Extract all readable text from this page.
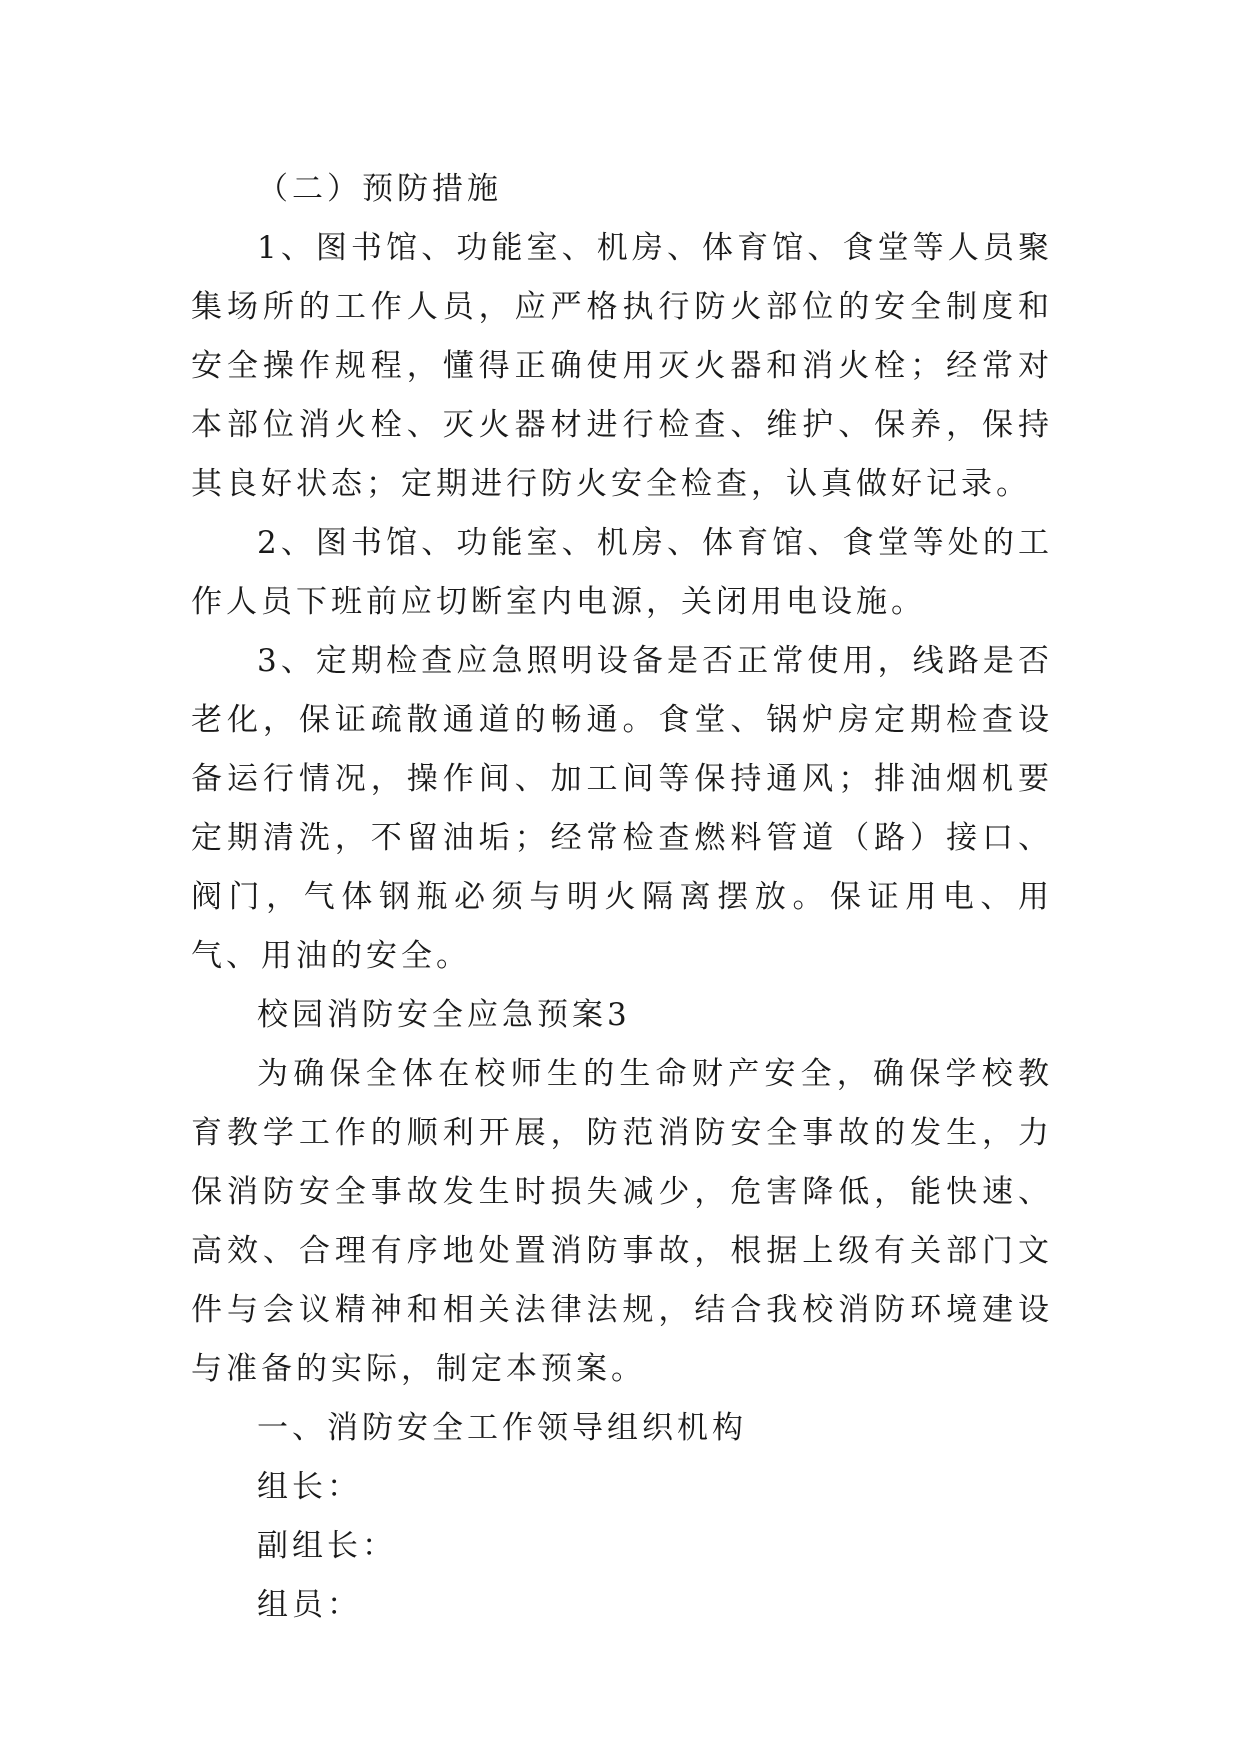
（二）预防措施

1、图书馆、功能室、机房、体育馆、食堂等人员聚集场所的工作人员，应严格执行防火部位的安全制度和安全操作规程，懂得正确使用灭火器和消火栓；经常对本部位消火栓、灭火器材进行检查、维护、保养，保持其良好状态；定期进行防火安全检查，认真做好记录。

2、图书馆、功能室、机房、体育馆、食堂等处的工作人员下班前应切断室内电源，关闭用电设施。

3、定期检查应急照明设备是否正常使用，线路是否老化，保证疏散通道的畅通。食堂、锅炉房定期检查设备运行情况，操作间、加工间等保持通风；排油烟机要定期清洗，不留油垢；经常检查燃料管道（路）接口、阀门，气体钢瓶必须与明火隔离摆放。保证用电、用气、用油的安全。

校园消防安全应急预案3

为确保全体在校师生的生命财产安全，确保学校教育教学工作的顺利开展，防范消防安全事故的发生，力保消防安全事故发生时损失减少，危害降低，能快速、高效、合理有序地处置消防事故，根据上级有关部门文件与会议精神和相关法律法规，结合我校消防环境建设与准备的实际，制定本预案。

一、消防安全工作领导组织机构

组长：

副组长：

组员：
